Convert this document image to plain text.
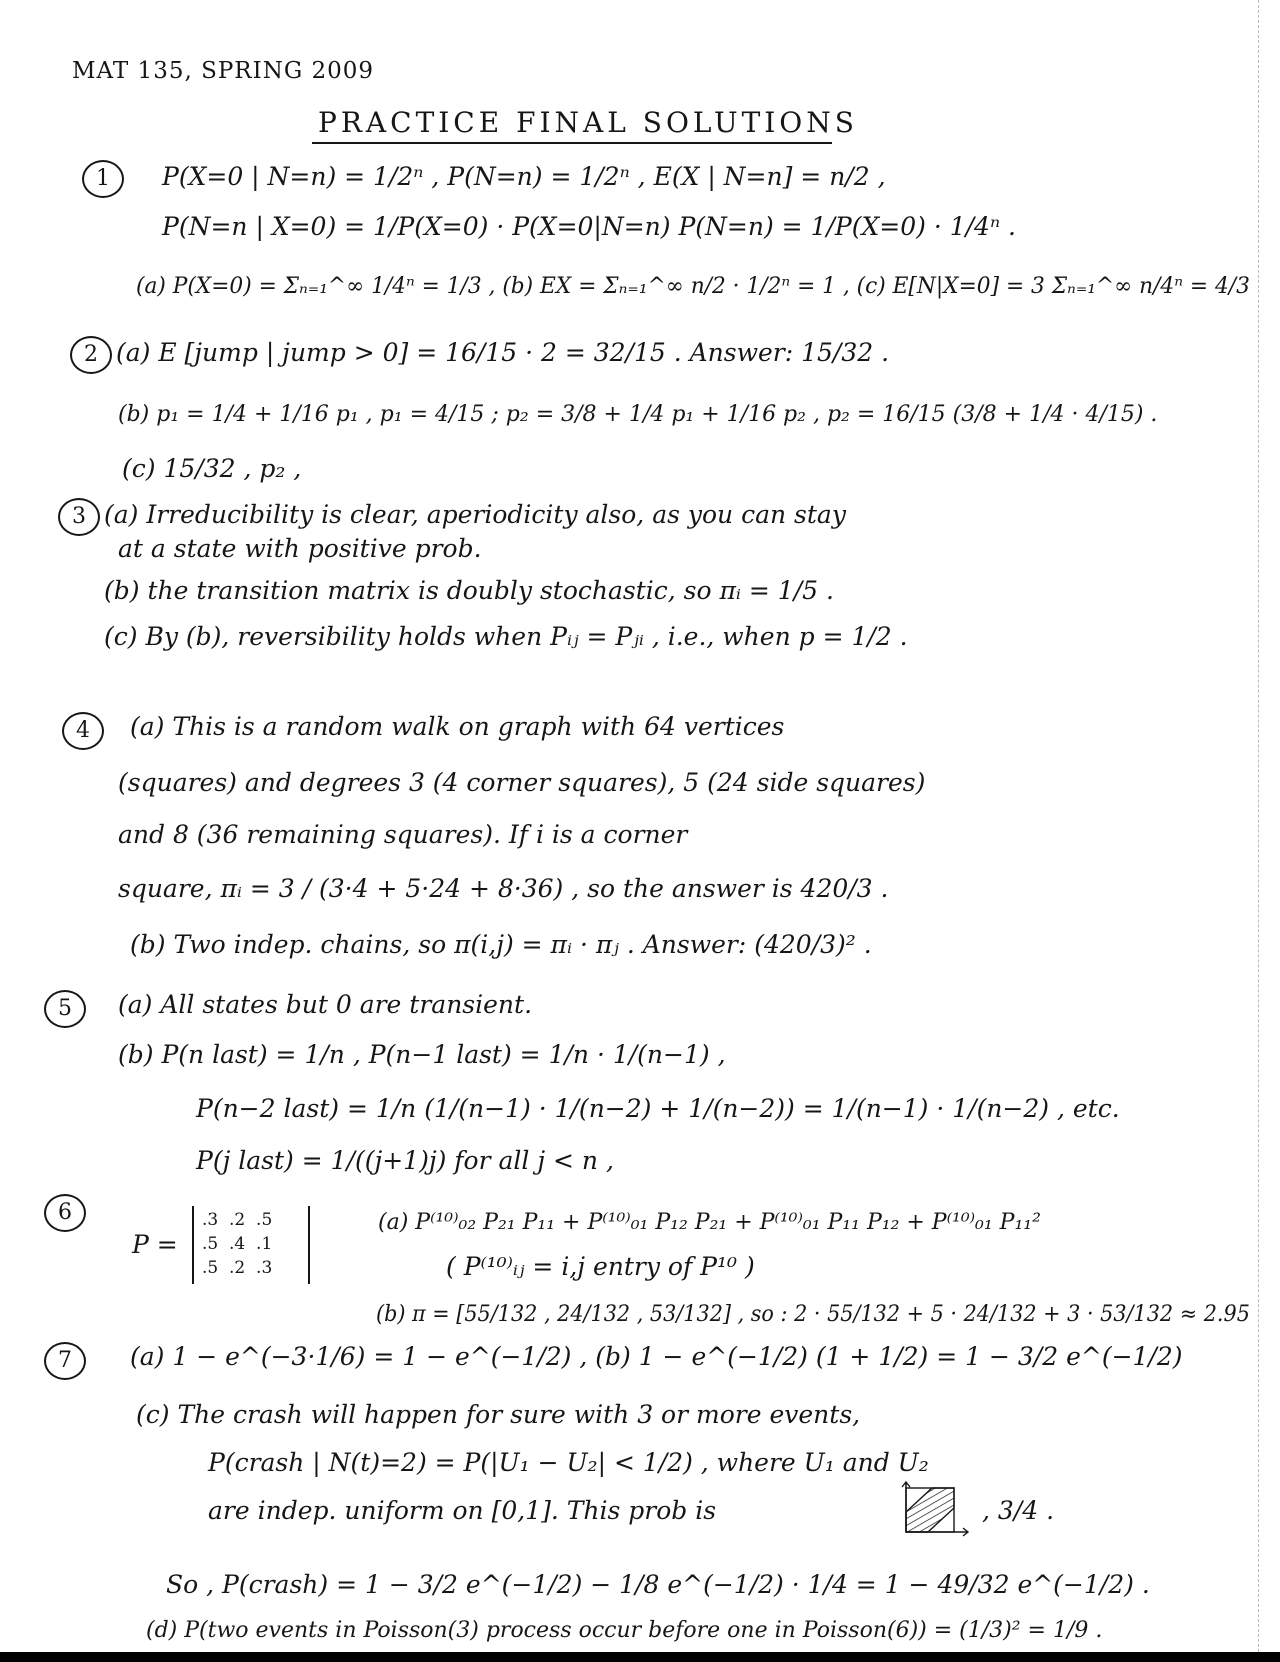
MAT 135, SPRING 2009
PRACTICE FINAL SOLUTIONS
1	P(X=0 | N=n) = 1/2ⁿ , P(N=n) = 1/2ⁿ , E(X | N=n] = n/2 ,
P(N=n | X=0) = 1/P(X=0) · P(X=0|N=n) P(N=n) = 1/P(X=0) · 1/4ⁿ .
(a) P(X=0) = Σₙ₌₁^∞ 1/4ⁿ = 1/3 , (b) EX = Σₙ₌₁^∞ n/2 · 1/2ⁿ = 1 , (c) E[N|X=0] = 3 Σₙ₌₁^∞ n/4ⁿ = 4/3
2 (a) E [jump | jump > 0] = 16/15 · 2 = 32/15 . Answer: 15/32 .
(b) p₁ = 1/4 + 1/16 p₁ , p₁ = 4/15 ; p₂ = 3/8 + 1/4 p₁ + 1/16 p₂ , p₂ = 16/15 (3/8 + 1/4 · 4/15) .
(c) 15/32 , p₂ ,
3 (a) Irreducibility is clear, aperiodicity also, as you can stay
at a state with positive prob.
(b) the transition matrix is doubly stochastic, so πᵢ = 1/5 .
(c) By (b), reversibility holds when Pᵢⱼ = Pⱼᵢ , i.e., when p = 1/2 .
4	(a) This is a random walk on graph with 64 vertices
(squares) and degrees 3 (4 corner squares), 5 (24 side squares)
and 8 (36 remaining squares). If i is a corner
square, πᵢ = 3 / (3·4 + 5·24 + 8·36) , so the answer is 420/3 .
(b) Two indep. chains, so π(i,j) = πᵢ · πⱼ . Answer: (420/3)² .
5	(a) All states but 0 are transient.
(b) P(n last) = 1/n , P(n−1 last) = 1/n · 1/(n−1) ,
P(n−2 last) = 1/n (1/(n−1) · 1/(n−2) + 1/(n−2)) = 1/(n−1) · 1/(n−2) , etc.
P(j last) = 1/((j+1)j) for all j < n ,
6
P =
.3  .2  .5
.5  .4  .1
.5  .2  .3
(a) P⁽¹⁰⁾₀₂ P₂₁ P₁₁ + P⁽¹⁰⁾₀₁ P₁₂ P₂₁ + P⁽¹⁰⁾₀₁ P₁₁ P₁₂ + P⁽¹⁰⁾₀₁ P₁₁²
( P⁽¹⁰⁾ᵢⱼ = i,j entry of P¹⁰ )
(b) π = [55/132 , 24/132 , 53/132] , so : 2 · 55/132 + 5 · 24/132 + 3 · 53/132 ≈ 2.95
7	(a) 1 − e^(−3·1/6) = 1 − e^(−1/2) , (b) 1 − e^(−1/2) (1 + 1/2) = 1 − 3/2 e^(−1/2)
(c) The crash will happen for sure with 3 or more events,
P(crash | N(t)=2) = P(|U₁ − U₂| < 1/2) , where U₁ and U₂
are indep. uniform on [0,1]. This prob is	, 3/4 .
So , P(crash) = 1 − 3/2 e^(−1/2) − 1/8 e^(−1/2) · 1/4 = 1 − 49/32 e^(−1/2) .
(d) P(two events in Poisson(3) process occur before one in Poisson(6)) = (1/3)² = 1/9 .
